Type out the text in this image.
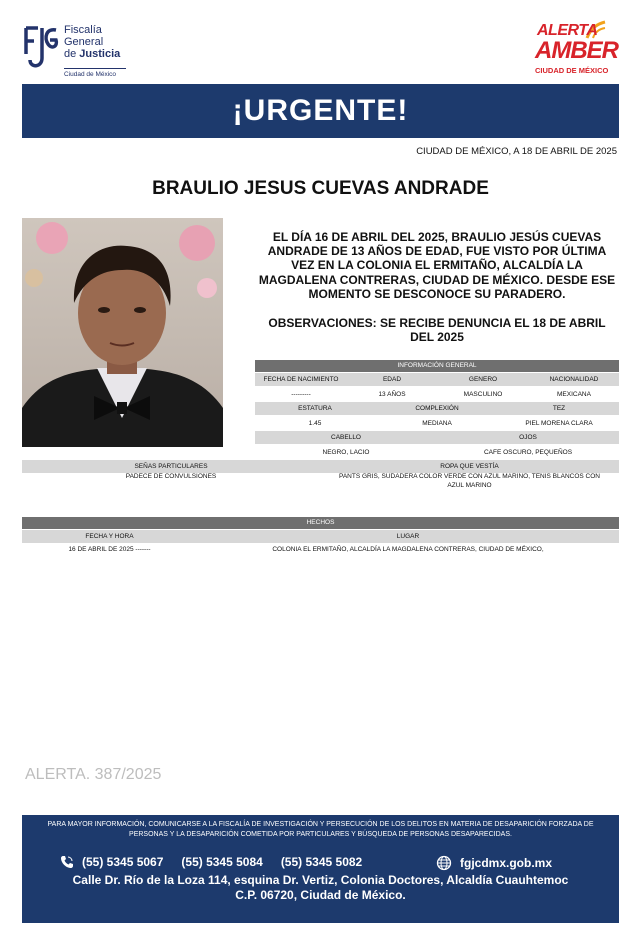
Fiscalía
General
de Justicia
Ciudad de México
ALERTA
AMBER
CIUDAD DE MÉXICO
¡URGENTE!
CIUDAD DE MÉXICO, A 18 DE ABRIL DE 2025
BRAULIO JESUS CUEVAS ANDRADE
EL DÍA 16 DE ABRIL DEL 2025, BRAULIO JESÚS CUEVAS ANDRADE DE 13 AÑOS DE EDAD, FUE VISTO POR ÚLTIMA VEZ EN LA COLONIA EL ERMITAÑO, ALCALDÍA LA MAGDALENA CONTRERAS, CIUDAD DE MÉXICO. DESDE ESE MOMENTO SE DESCONOCE SU PARADERO.
OBSERVACIONES: SE RECIBE DENUNCIA EL 18 DE ABRIL DEL 2025
INFORMACIÓN GENERAL
FECHA DE NACIMIENTO	EDAD	GENERO	NACIONALIDAD
---------	13 AÑOS	MASCULINO	MEXICANA
ESTATURA	COMPLEXIÓN	TEZ
1.45	MEDIANA	PIEL MORENA CLARA
CABELLO	OJOS
NEGRO, LACIO	CAFE OSCURO, PEQUEÑOS
SEÑAS PARTICULARES	ROPA QUE VESTÍA
PADECE DE CONVULSIONES	PANTS GRIS, SUDADERA COLOR VERDE CON AZUL MARINO, TENIS BLANCOS CON AZUL MARINO
HECHOS
FECHA Y HORA	LUGAR
16 DE ABRIL DE 2025 -------	COLONIA EL ERMITAÑO, ALCALDÍA LA MAGDALENA CONTRERAS, CIUDAD DE MÉXICO,
ALERTA. 387/2025
PARA MAYOR INFORMACIÓN, COMUNICARSE A LA FISCALÍA DE INVESTIGACIÓN Y PERSECUCIÓN DE LOS DELITOS EN MATERIA DE DESAPARICIÓN FORZADA DE PERSONAS Y LA DESAPARICIÓN COMETIDA POR PARTICULARES Y BÚSQUEDA DE PERSONAS DESAPARECIDAS.
(55) 5345 5067 (55) 5345 5084 (55) 5345 5082	fgjcdmx.gob.mx
Calle Dr. Río de la Loza 114, esquina Dr. Vertiz, Colonia Doctores, Alcaldía Cuauhtemoc
C.P. 06720, Ciudad de México.
